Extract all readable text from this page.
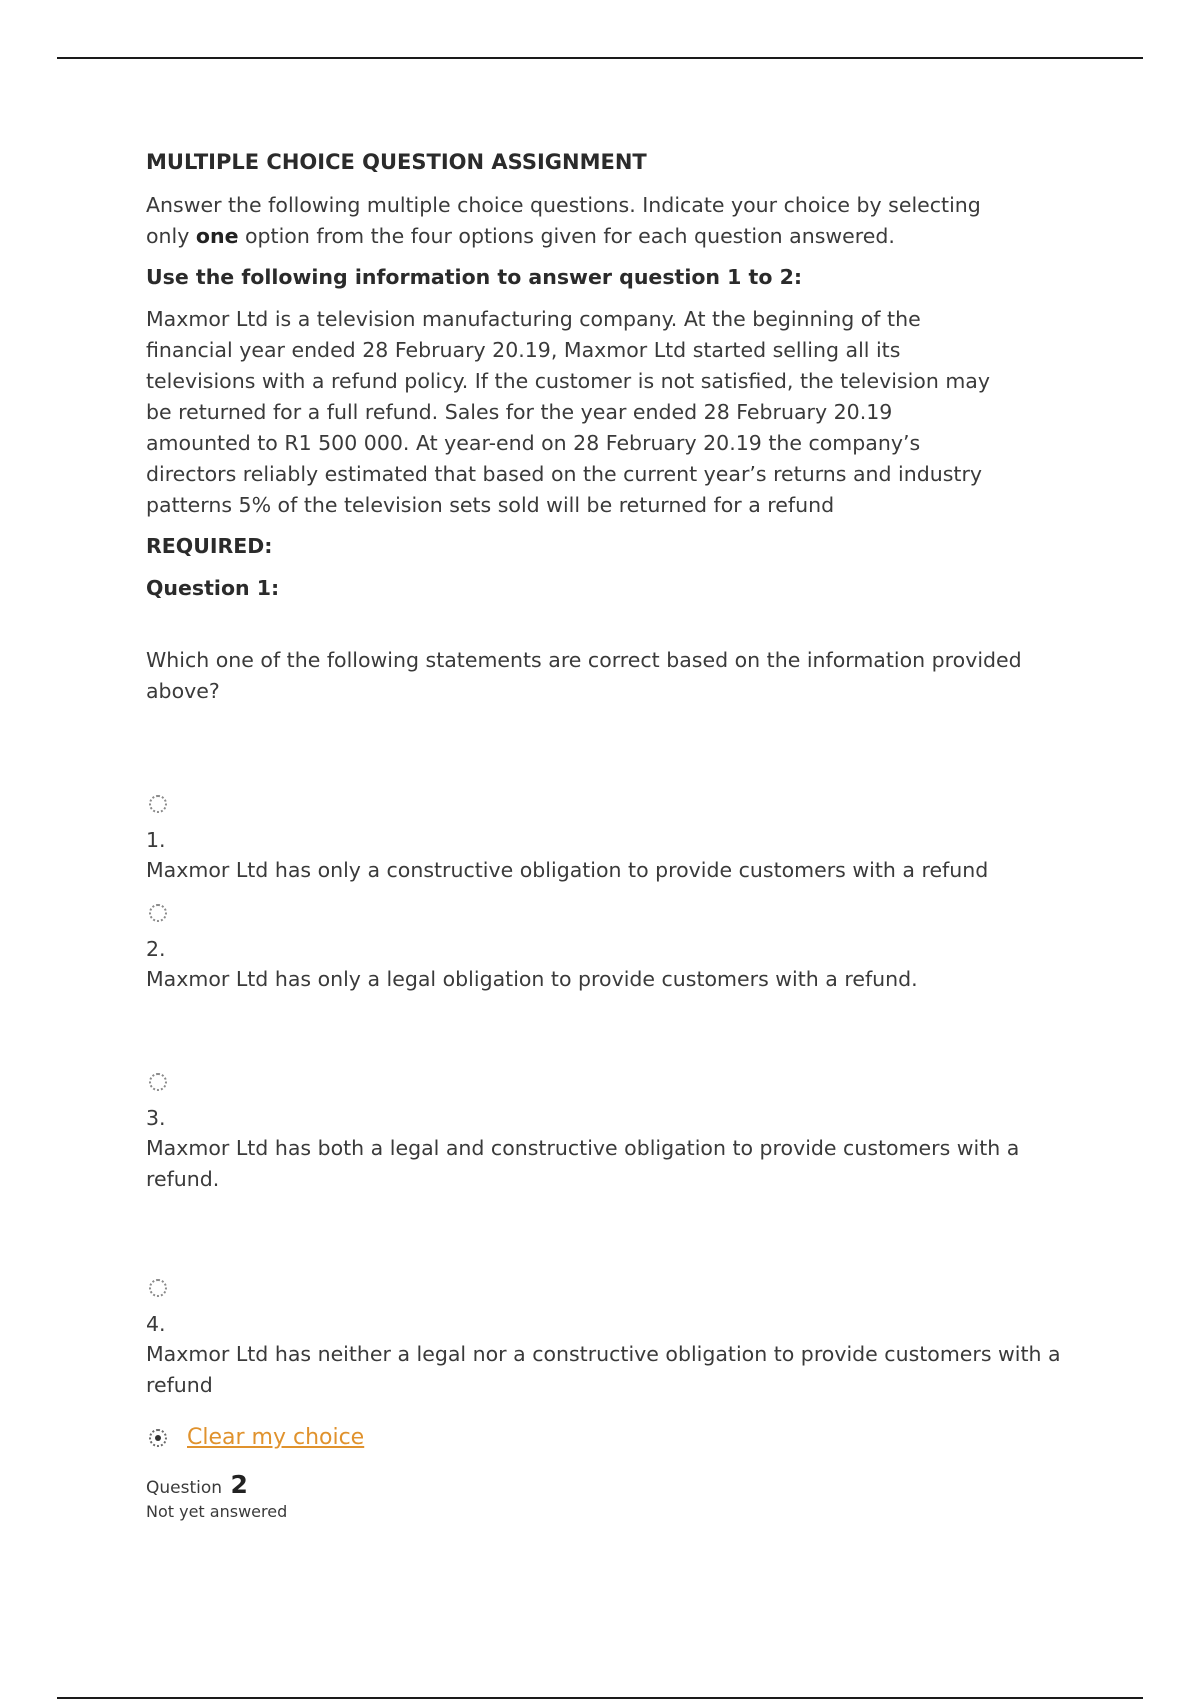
MULTIPLE CHOICE QUESTION ASSIGNMENT
Answer the following multiple choice questions. Indicate your choice by selecting
only one option from the four options given for each question answered.
Use the following information to answer question 1 to 2:
Maxmor Ltd is a television manufacturing company. At the beginning of the financial year ended 28 February 20.19, Maxmor Ltd started selling all its televisions with a refund policy. If the customer is not satisfied, the television may be returned for a full refund. Sales for the year ended 28 February 20.19 amounted to R1 500 000. At year-end on 28 February 20.19 the company’s directors reliably estimated that based on the current year’s returns and industry patterns 5% of the television sets sold will be returned for a refund
REQUIRED:
Question 1:
Which one of the following statements are correct based on the information provided above?
1.
Maxmor Ltd has only a constructive obligation to provide customers with a refund
2.
Maxmor Ltd has only a legal obligation to provide customers with a refund.
3.
Maxmor Ltd has both a legal and constructive obligation to provide customers with a refund.
4.
Maxmor Ltd has neither a legal nor a constructive obligation to provide customers with a refund
Clear my choice
Question 2
Not yet answered
